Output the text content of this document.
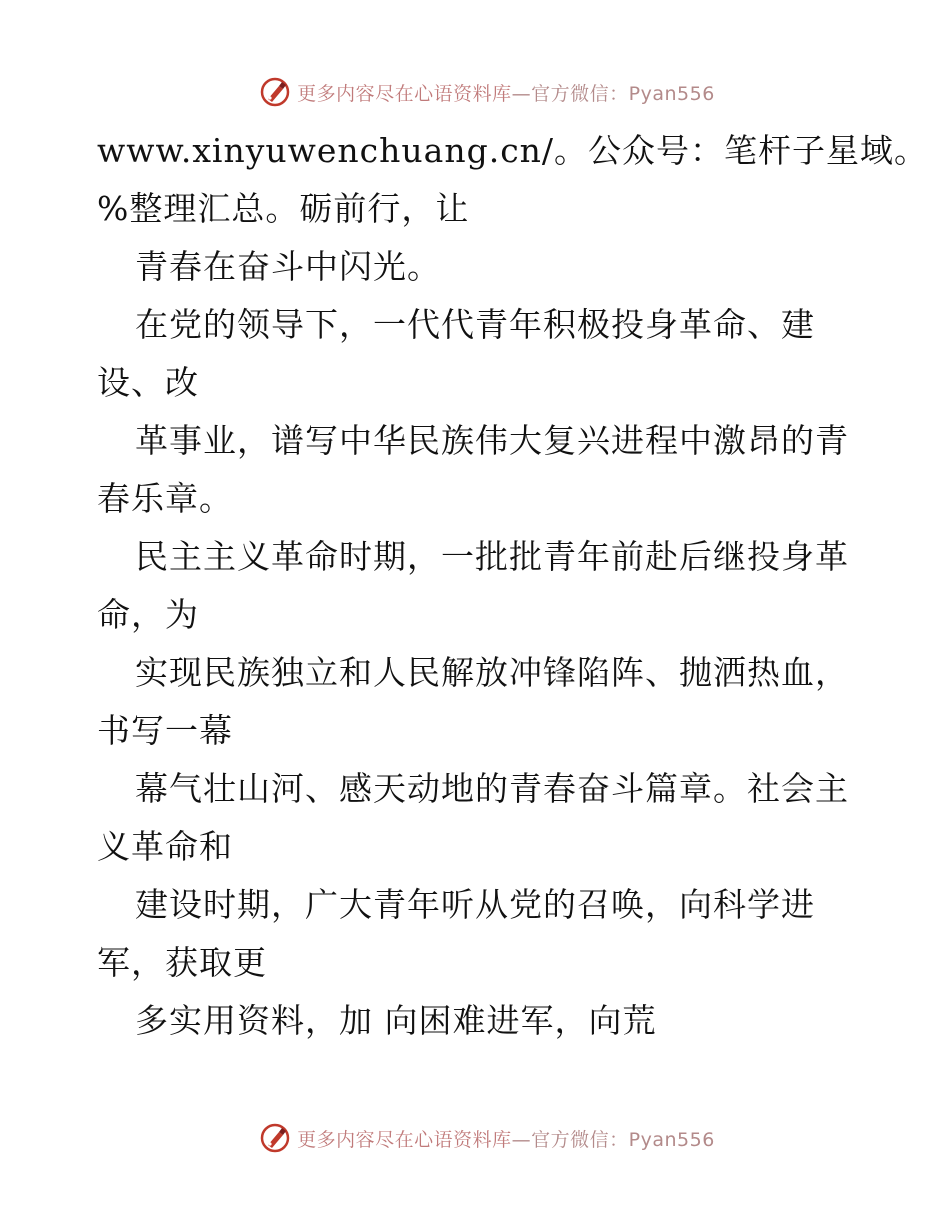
更多内容尽在心语资料库—官方微信：Pyan556
www.xinyuwenchuang.cn/。公众号：笔杆子星域。
%整理汇总。砺前行，让
青春在奋斗中闪光。
在党的领导下，一代代青年积极投身革命、建
设、改
革事业，谱写中华民族伟大复兴进程中激昂的青
春乐章。
民主主义革命时期，一批批青年前赴后继投身革
命，为
实现民族独立和人民解放冲锋陷阵、抛洒热血，
书写一幕
幕气壮山河、感天动地的青春奋斗篇章。社会主
义革命和
建设时期，广大青年听从党的召唤，向科学进
军，获取更
多实用资料，加 向困难进军，向荒
更多内容尽在心语资料库—官方微信：Pyan556
